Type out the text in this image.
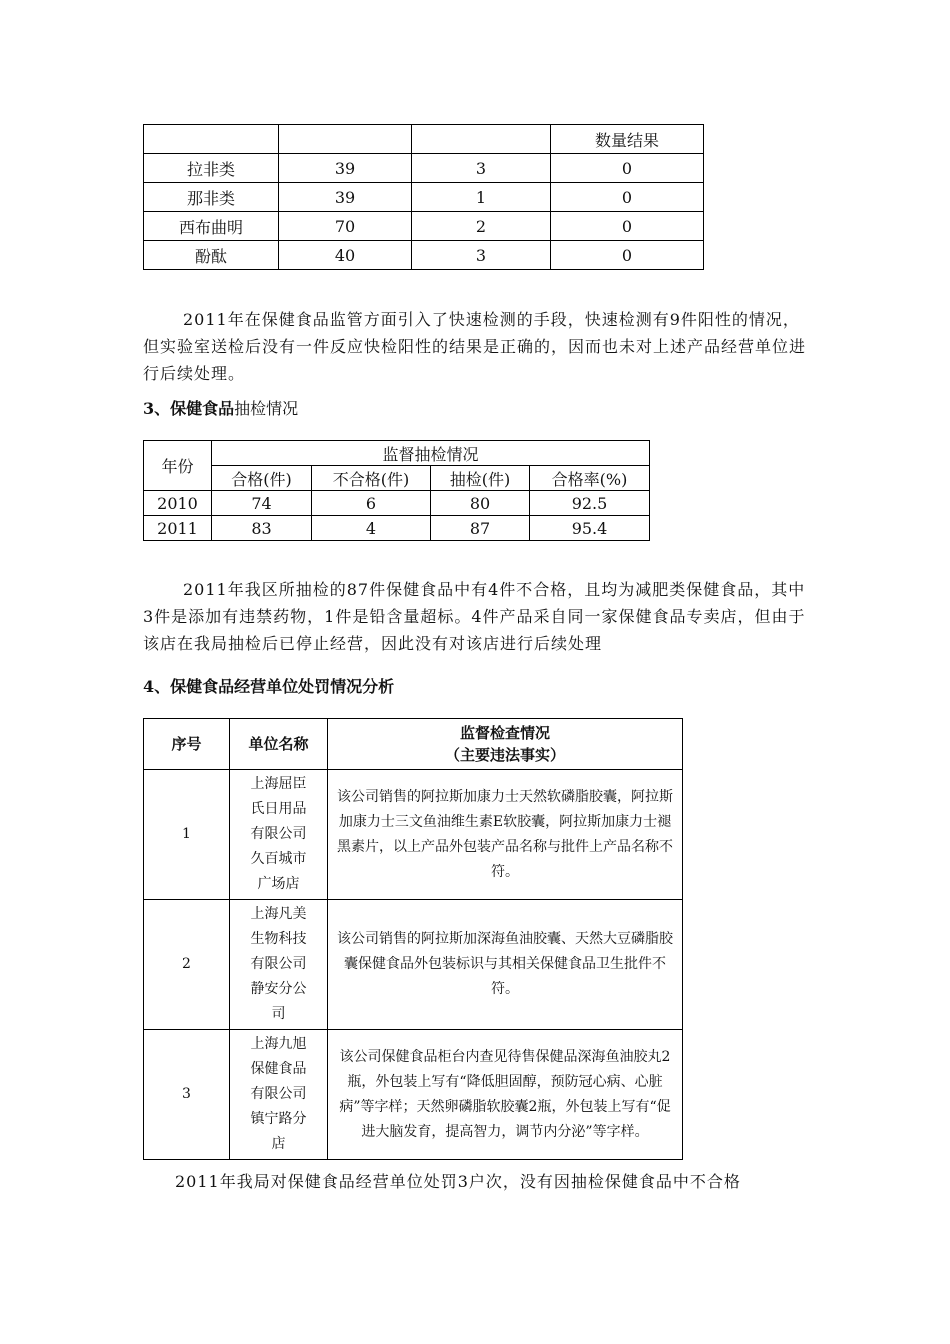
			数量结果
拉非类	39	3	0
那非类	39	1	0
西布曲明	70	2	0
酚酞	40	3	0

2011年在保健食品监管方面引入了快速检测的手段，快速检测有9件阳性的情况，但实验室送检后没有一件反应快检阳性的结果是正确的，因而也未对上述产品经营单位进行后续处理。

3、保健食品抽检情况

年份	监督抽检情况			
	合格(件)	不合格(件)	抽检(件)	合格率(%)
2010	74	6	80	92.5
2011	83	4	87	95.4

2011年我区所抽检的87件保健食品中有4件不合格，且均为减肥类保健食品，其中3件是添加有违禁药物，1件是铅含量超标。4件产品采自同一家保健食品专卖店，但由于该店在我局抽检后已停止经营，因此没有对该店进行后续处理

4、保健食品经营单位处罚情况分析

序号	单位名称	监督检查情况
（主要违法事实）

1	上海屈臣
氏日用品
有限公司
久百城市
广场店	该公司销售的阿拉斯加康力士天然软磷脂胶囊，阿拉斯加康力士三文鱼油维生素E软胶囊，阿拉斯加康力士褪黑素片，以上产品外包装产品名称与批件上产品名称不符。
2	上海凡美
生物科技
有限公司
静安分公
司	该公司销售的阿拉斯加深海鱼油胶囊、天然大豆磷脂胶囊保健食品外包装标识与其相关保健食品卫生批件不符。
3	上海九旭
保健食品
有限公司
镇宁路分
店	该公司保健食品柜台内查见待售保健品深海鱼油胶丸2瓶，外包装上写有“降低胆固醇，预防冠心病、心脏病”等字样；天然卵磷脂软胶囊2瓶，外包装上写有“促进大脑发育，提高智力，调节内分泌”等字样。

2011年我局对保健食品经营单位处罚3户次，没有因抽检保健食品中不合格
